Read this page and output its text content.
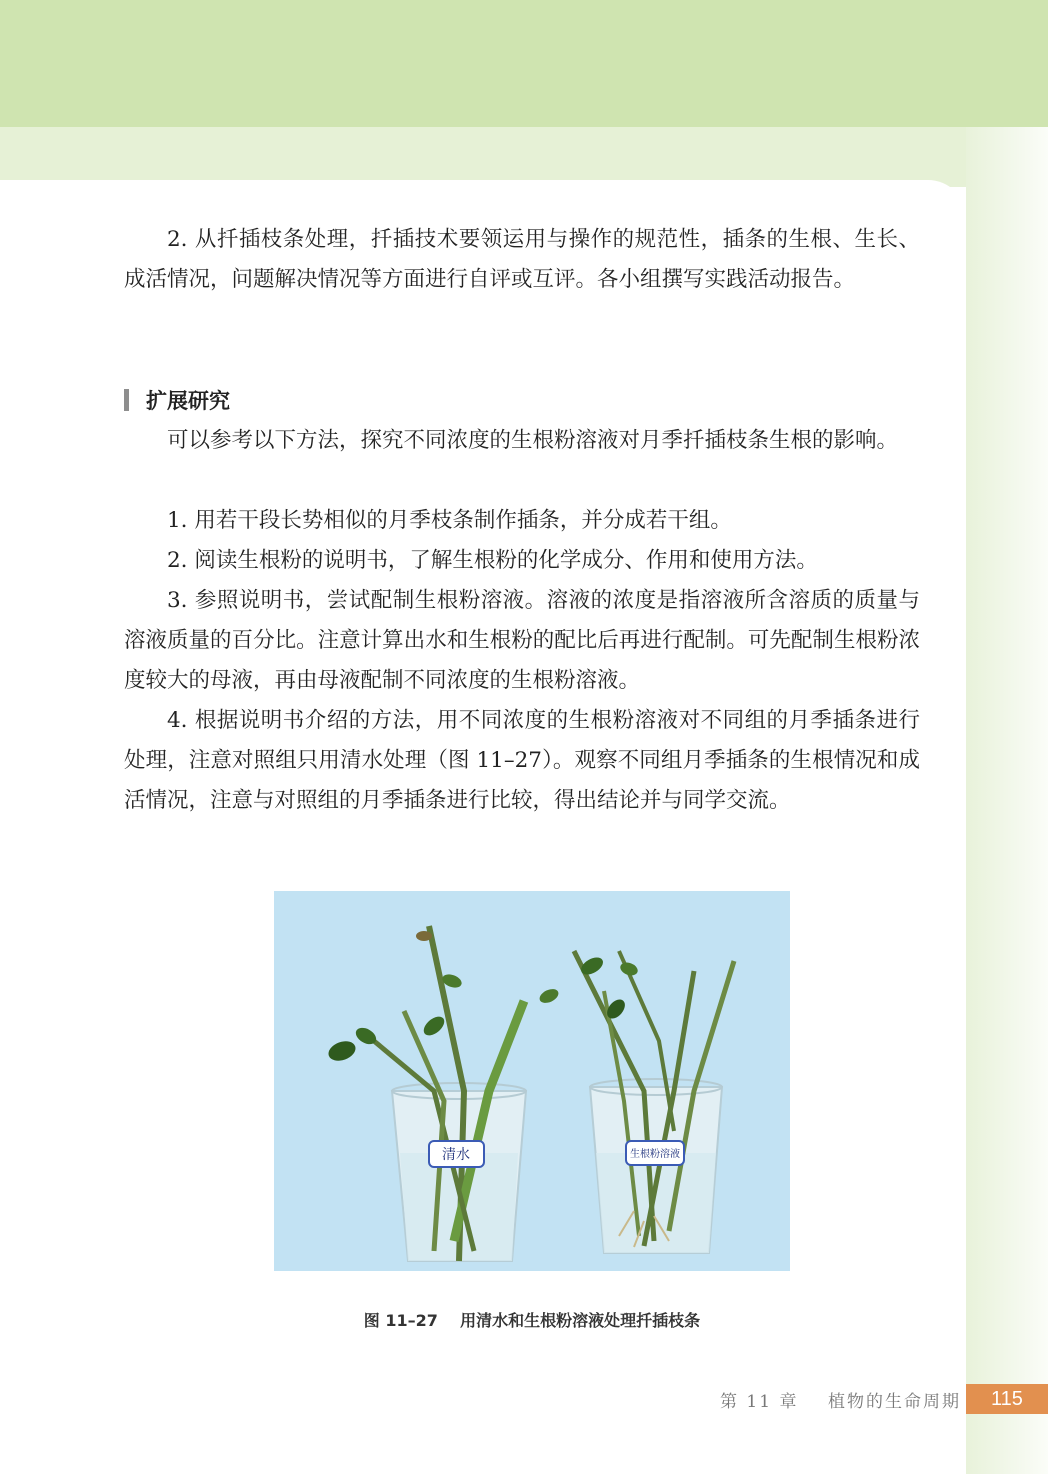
2. 从扦插枝条处理，扦插技术要领运用与操作的规范性，插条的生根、生长、成活情况，问题解决情况等方面进行自评或互评。各小组撰写实践活动报告。

扩展研究

可以参考以下方法，探究不同浓度的生根粉溶液对月季扦插枝条生根的影响。

1. 用若干段长势相似的月季枝条制作插条，并分成若干组。

2. 阅读生根粉的说明书，了解生根粉的化学成分、作用和使用方法。

3. 参照说明书，尝试配制生根粉溶液。溶液的浓度是指溶液所含溶质的质量与溶液质量的百分比。注意计算出水和生根粉的配比后再进行配制。可先配制生根粉浓度较大的母液，再由母液配制不同浓度的生根粉溶液。

4. 根据说明书介绍的方法，用不同浓度的生根粉溶液对不同组的月季插条进行处理，注意对照组只用清水处理（图 11–27）。观察不同组月季插条的生根情况和成活情况，注意与对照组的月季插条进行比较，得出结论并与同学交流。

清水	生根粉溶液
图 11–27    用清水和生根粉溶液处理扦插枝条
第 11 章    植物的生命周期	115
